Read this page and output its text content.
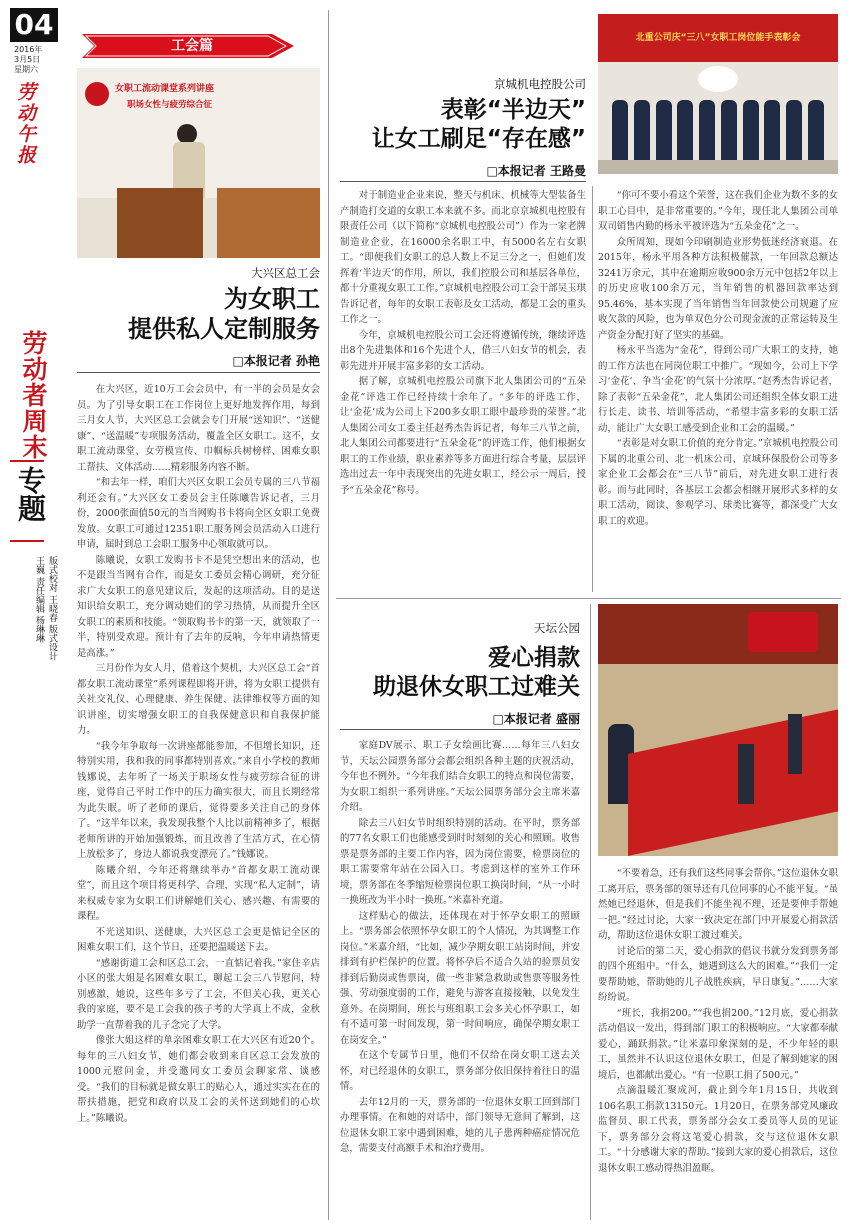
04
2016年
3月5日
星期六
劳动午报
工会篇
劳动者周末
专题
版式校对 王晓春 版式设计 王巍 责任编辑 杨琳琳
女职工流动课堂系列讲座
职场女性与疲劳综合征
大兴区总工会
为女职工
提供私人定制服务
□本报记者 孙艳

在大兴区，近10万工会会员中，有一半的会员是女会员。为了引导女职工在工作岗位上更好地发挥作用，每到三月女人节，大兴区总工会就会专门开展“送知识”、“送健康”、“送温暖”专项服务活动，覆盖全区女职工。这不，女职工流动课堂、女劳模宣传、巾帼标兵树榜样、困难女职工帮扶、文体活动……精彩服务内容不断。

“和去年一样，咱们大兴区女职工会员专属的三八节福利还会有。”大兴区女工委员会主任陈曦告诉记者，三月份，2000张面值50元的当当网购书卡将向全区女职工免费发放。女职工可通过12351职工服务网会员活动入口进行申请，届时到总工会职工服务中心领取就可以。

陈曦说，女职工发购书卡不是凭空想出来的活动，也不是跟当当网有合作，而是女工委员会精心调研，充分征求广大女职工的意见建议后，发起的这项活动。目的是送知识给女职工，充分调动她们的学习热情，从而提升全区女职工的素质和技能。“领取购书卡的第一天，就领取了一半，特别受欢迎。预计有了去年的反响，今年申请热情更是高涨。”

三月份作为女人月，借着这个契机，大兴区总工会“首都女职工流动课堂”系列课程即将开讲，将为女职工提供有关社交礼仪、心理健康、养生保健、法律维权等方面的知识讲座，切实增强女职工的自我保健意识和自我保护能力。

“我今年争取每一次讲座都能参加，不但增长知识，还特别实用，我和我的同事都特别喜欢。”来自小学校的教师钱娜说，去年听了一场关于职场女性与疲劳综合征的讲座，觉得自己平时工作中的压力确实很大，而且长期经常为此失眠。听了老师的课后，觉得要多关注自己的身体了。“这半年以来，我发现我整个人比以前精神多了，根据老师所讲的开始加强锻炼，而且改善了生活方式，在心情上放松多了，身边人都说我变漂亮了。”钱娜说。

陈曦介绍，今年还将继续举办“首都女职工流动课堂”，而且这个项目将更科学、合理，实现“私人定制”，请来权威专家为女职工们讲解她们关心、感兴趣、有需要的课程。

不光送知识、送健康，大兴区总工会更是惦记全区的困难女职工们，这个节日，还要把温暖送下去。

“感谢街道工会和区总工会，一直惦记着我。”家住辛店小区的张大姐是名困难女职工，聊起工会三八节慰问，特别感激，她说，这些年多亏了工会，不但关心我，更关心我的家庭，要不是工会我的孩子考的大学真上不成，金秋助学一直帮着我的儿子念完了大学。

像张大姐这样的单亲困难女职工在大兴区有近20个。每年的三八妇女节，她们都会收到来自区总工会发放的1000元慰问金，并受邀同女工委员会聊家常、谈感受。“我们的目标就是做女职工的贴心人，通过实实在在的帮扶措施，把党和政府以及工会的关怀送到她们的心坎上。”陈曦说。

京城机电控股公司
表彰“半边天”
让女工刷足“存在感”
□本报记者 王路曼
北重公司庆“三八”女职工岗位能手表彰会

对于制造业企业来说，整天与机床、机械等大型装备生产制造打交道的女职工本来就不多。而北京京城机电控股有限责任公司（以下简称“京城机电控股公司”）作为一家老牌制造业企业，在16000余名职工中，有5000名左右女职工。“即便我们女职工的总人数上不足三分之一，但她们发挥着‘半边天’的作用，所以，我们控股公司和基层各单位，都十分重视女职工工作。”京城机电控股公司工会干部吴玉琪告诉记者，每年的女职工表彰及女工活动，都是工会的重头工作之一。

今年，京城机电控股公司工会还将遵循传统，继续评选出8个先进集体和16个先进个人，借三八妇女节的机会，表彰先进并开展丰富多彩的女工活动。

据了解，京城机电控股公司旗下北人集团公司的“五朵金花”评选工作已经持续十余年了。“多年的评选工作，让‘金花’成为公司上下200多女职工眼中最珍贵的荣誉。”北人集团公司女工委主任赵秀杰告诉记者，每年三八节之前，北人集团公司都要进行“五朵金花”的评选工作，他们根据女职工的工作业绩，职业素养等多方面进行综合考量，层层评选出过去一年中表现突出的先进女职工，经公示一周后，授予“五朵金花”称号。

“你可不要小看这个荣誉，这在我们企业为数不多的女职工心目中，是非常重要的。”今年，现任北人集团公司单双司销售内勤的杨永平被评选为“五朵金花”之一。

众所周知，现如今印刷制造业形势低迷经济衰退。在2015年，杨永平用各种方法积极催款，一年回款总额达3241万余元，其中在逾期应收900余万元中包括2年以上的历史应收100余万元，当年销售的机器回款率达到95.46%，基本实现了当年销售当年回款使公司规避了应收欠款的风险，也为单双色分公司现金流的正常运转及生产资金分配打好了坚实的基础。

杨永平当选为“金花”，得到公司广大职工的支持，她的工作方法也在同岗位职工中推广。“现如今，公司上下学习‘金花’、争当‘金花’的气氛十分浓厚。”赵秀杰告诉记者，除了表彰“五朵金花”，北人集团公司还组织全体女职工进行长走、读书、培训等活动，“希望丰富多彩的女职工活动，能让广大女职工感受到企业和工会的温暖。”

“表彰是对女职工价值的充分肯定。”京城机电控股公司下属的北重公司、北一机床公司、京城环保股份公司等多家企业工会都会在“三八节”前后，对先进女职工进行表彰。而与此同时，各基层工会都会相继开展形式多样的女职工活动，阅读、参观学习、球类比赛等，都深受广大女职工的欢迎。

天坛公园
爱心捐款
助退休女职工过难关
□本报记者 盛丽

家庭DV展示、职工子女绘画比赛……每年三八妇女节，天坛公园票务部分会都会组织各种主题的庆祝活动，今年也不例外。“今年我们结合女职工的特点和岗位需要，为女职工组织一系列讲座。”天坛公园票务部分会主席米嘉介绍。

除去三八妇女节时组织特别的活动。在平时，票务部的77名女职工们也能感受到时时刻刻的关心和照顾。收售票是票务部的主要工作内容，因为岗位需要，检票岗位的职工需要常年站在公园入口。考虑到这样的室外工作环境，票务部在冬季缩短检票岗位职工换岗时间，“从一小时一换班改为半小时一换班。”米嘉补充道。

这样贴心的做法，还体现在对于怀孕女职工的照顾上。“票务部会依照怀孕女职工的个人情况，为其调整工作岗位。”米嘉介绍，“比如，减少孕期女职工站岗时间，并安排到有护栏保护的位置。将怀孕后不适合久站的验票员安排到后勤岗或售票岗，做一些非紧急救助或售票等服务性强、劳动强度弱的工作，避免与游客直接接触，以免发生意外。在岗期间，班长与班组职工会多关心怀孕职工，如有不适可第一时间发现，第一时间响应，确保孕期女职工在岗安全。”

在这个专属节日里，他们不仅给在岗女职工送去关怀，对已经退休的女职工，票务部分依旧保持着往日的温情。

去年12月的一天，票务部的一位退休女职工回到部门办理事情。在和她的对话中，部门领导无意间了解到，这位退休女职工家中遇到困难，她的儿子患两种癌症情况危急，需要支付高额手术和治疗费用。

“不要着急，还有我们这些同事会帮你。”这位退休女职工离开后，票务部的领导还有几位同事的心不能平复。“虽然她已经退休，但是我们不能坐视不理，还是要伸手帮她一把。”经过讨论，大家一致决定在部门中开展爱心捐款活动，帮助这位退休女职工渡过难关。

讨论后的第二天，爱心捐款的倡议书就分发到票务部的四个班组中。“什么，她遇到这么大的困难。”“我们一定要帮助她，帮助她的儿子战胜疾病，早日康复。”……大家纷纷说。

“班长，我捐200。”“我也捐200。”12月底，爱心捐款活动倡议一发出，得到部门职工的积极响应。“大家都奉献爱心，踊跃捐款。”让米嘉印象深刻的是，不少年轻的职工，虽然并不认识这位退休女职工，但是了解到她家的困境后，也都献出爱心。“有一位职工捐了500元。”

点滴温暖汇聚成河，截止到今年1月15日，共收到106名职工捐款13150元。1月20日，在票务部党风廉政监督员、职工代表，票务部分会女工委员等人员的见证下，票务部分会将这笔爱心捐款，交与这位退休女职工。“十分感谢大家的帮助。”接到大家的爱心捐款后，这位退休女职工感动得热泪盈眶。
